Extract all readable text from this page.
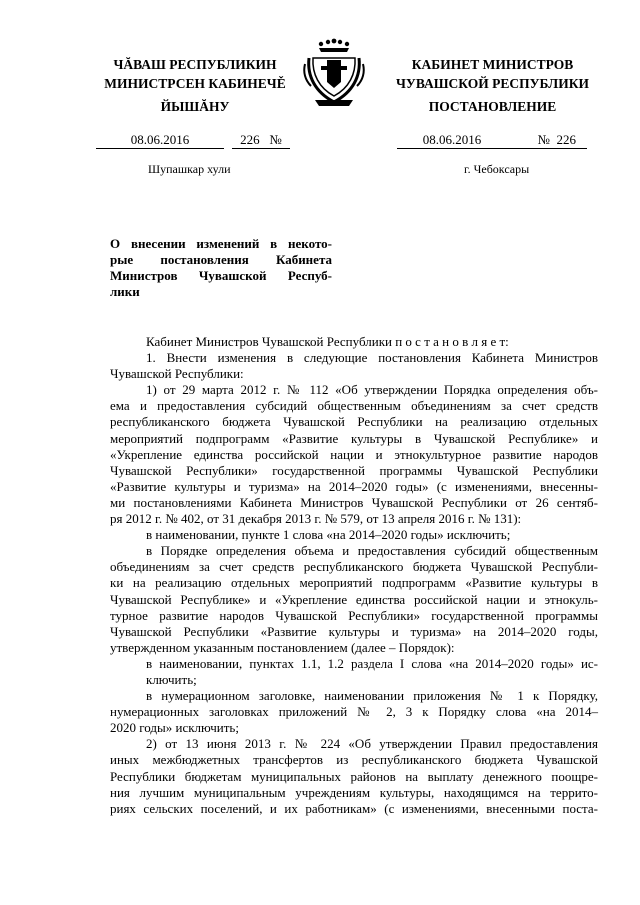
ЧĂВАШ РЕСПУБЛИКИН
МИНИСТРСЕН КАБИНЕЧĚ
ЙЫШĂНУ
КАБИНЕТ МИНИСТРОВ
ЧУВАШСКОЙ РЕСПУБЛИКИ
ПОСТАНОВЛЕНИЕ
08.06.2016	226 №	08.06.2016	№ 226
Шупашкар хули	г. Чебоксары
О внесении изменений в некото-
рые постановления Кабинета
Министров Чувашской Респуб-
лики
Кабинет Министров Чувашской Республики п о с т а н о в л я е т:
1. Внести изменения в следующие постановления Кабинета Министров
Чувашской Республики:
1) от 29 марта 2012 г. № 112 «Об утверждении Порядка определения объ-
ема и предоставления субсидий общественным объединениям за счет средств
республиканского бюджета Чувашской Республики на реализацию отдельных
мероприятий подпрограмм «Развитие культуры в Чувашской Республике» и
«Укрепление единства российской нации и этнокультурное развитие народов
Чувашской Республики» государственной программы Чувашской Республики
«Развитие культуры и туризма» на 2014–2020 годы» (с изменениями, внесенны-
ми постановлениями Кабинета Министров Чувашской Республики от 26 сентяб-
ря 2012 г. № 402, от 31 декабря 2013 г. № 579, от 13 апреля 2016 г. № 131):
в наименовании, пункте 1 слова «на 2014–2020 годы» исключить;
в Порядке определения объема и предоставления субсидий общественным
объединениям за счет средств республиканского бюджета Чувашской Республи-
ки на реализацию отдельных мероприятий подпрограмм «Развитие культуры в
Чувашской Республике» и «Укрепление единства российской нации и этнокуль-
турное развитие народов Чувашской Республики» государственной программы
Чувашской Республики «Развитие культуры и туризма» на 2014–2020 годы,
утвержденном указанным постановлением (далее – Порядок):
в наименовании, пунктах 1.1, 1.2 раздела I слова «на 2014–2020 годы» ис-
ключить;
в нумерационном заголовке, наименовании приложения № 1 к Порядку,
нумерационных заголовках приложений № 2, 3 к Порядку слова «на 2014–
2020 годы» исключить;
2) от 13 июня 2013 г. № 224 «Об утверждении Правил предоставления
иных межбюджетных трансфертов из республиканского бюджета Чувашской
Республики бюджетам муниципальных районов на выплату денежного поощре-
ния лучшим муниципальным учреждениям культуры, находящимся на террито-
риях сельских поселений, и их работникам» (с изменениями, внесенными поста-
